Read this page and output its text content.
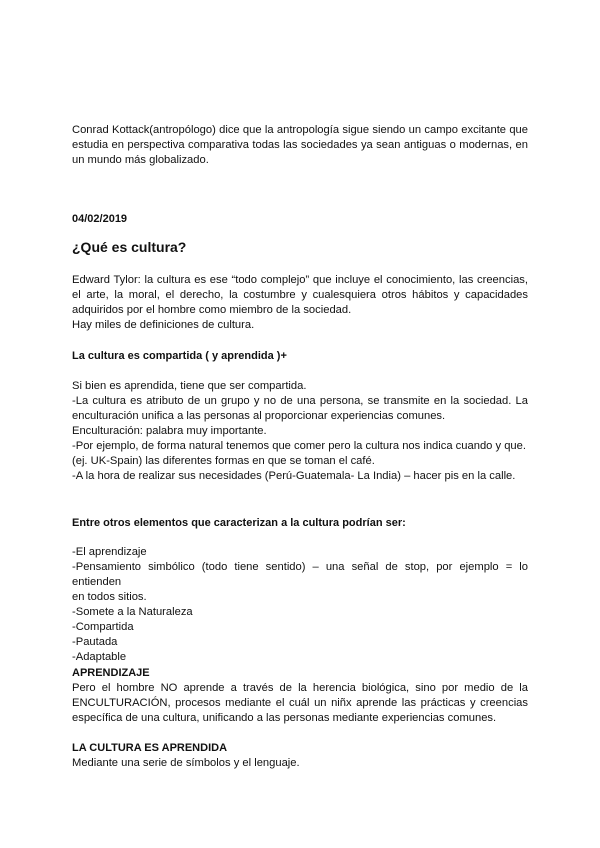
Conrad Kottack(antropólogo) dice que la antropología sigue siendo un campo excitante que
estudia en perspectiva comparativa todas las sociedades ya sean antiguas o modernas, en
un mundo más globalizado.
04/02/2019
¿Qué es cultura?
Edward Tylor: la cultura es ese “todo complejo” que incluye el conocimiento, las creencias,
el arte, la moral, el derecho, la costumbre y cualesquiera otros hábitos y capacidades
adquiridos por el hombre como miembro de la sociedad.
Hay miles de definiciones de cultura.
La cultura es compartida ( y aprendida )+
Si bien es aprendida, tiene que ser compartida.
-La cultura es atributo de un grupo y no de una persona, se transmite en la sociedad. La
enculturación unifica a las personas al proporcionar experiencias comunes.
Enculturación: palabra muy importante.
-Por ejemplo, de forma natural tenemos que comer pero la cultura nos indica cuando y que.
(ej. UK-Spain) las diferentes formas en que se toman el café.
-A la hora de realizar sus necesidades (Perú-Guatemala- La India) – hacer pis en la calle.
Entre otros elementos que caracterizan a la cultura podrían ser:
-El aprendizaje
-Pensamiento simbólico (todo tiene sentido) – una señal de stop, por ejemplo = lo entienden
en todos sitios.
-Somete a la Naturaleza
-Compartida
-Pautada
-Adaptable
APRENDIZAJE
Pero el hombre NO aprende a través de la herencia biológica, sino por medio de la
ENCULTURACIÓN, procesos mediante el cuál un niñx aprende las prácticas y creencias
específica de una cultura, unificando a las personas mediante experiencias comunes.
LA CULTURA ES APRENDIDA
Mediante una serie de símbolos y el lenguaje.
